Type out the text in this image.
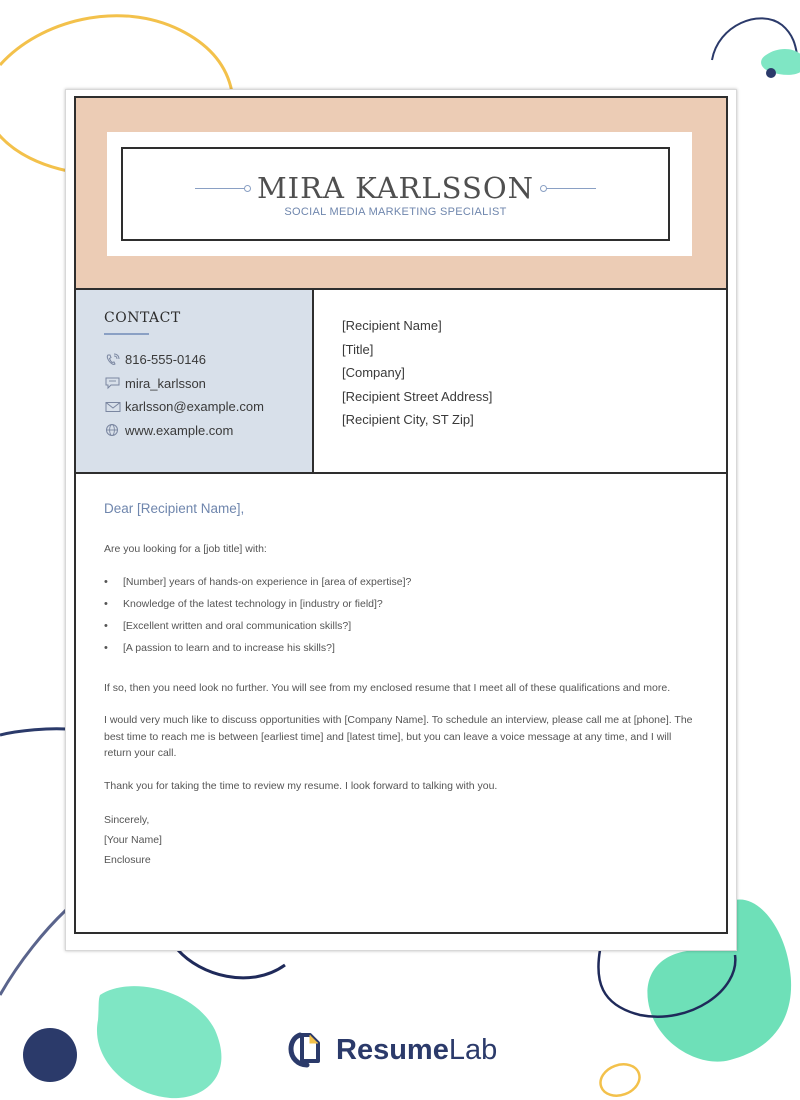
MIRA KARLSSON
SOCIAL MEDIA MARKETING SPECIALIST
CONTACT
816-555-0146
mira_karlsson
karlsson@example.com
www.example.com
[Recipient Name]
[Title]
[Company]
[Recipient Street Address]
[Recipient City, ST Zip]
Dear [Recipient Name],

Are you looking for a [job title] with:

• [Number] years of hands-on experience in [area of expertise]?
• Knowledge of the latest technology in [industry or field]?
• [Excellent written and oral communication skills?]
• [A passion to learn and to increase his skills?]

If so, then you need look no further. You will see from my enclosed resume that I meet all of these qualifications and more.

I would very much like to discuss opportunities with [Company Name]. To schedule an interview, please call me at [phone]. The best time to reach me is between [earliest time] and [latest time], but you can leave a voice message at any time, and I will return your call.

Thank you for taking the time to review my resume. I look forward to talking with you.

Sincerely,

[Your Name]

Enclosure

ResumeLab
